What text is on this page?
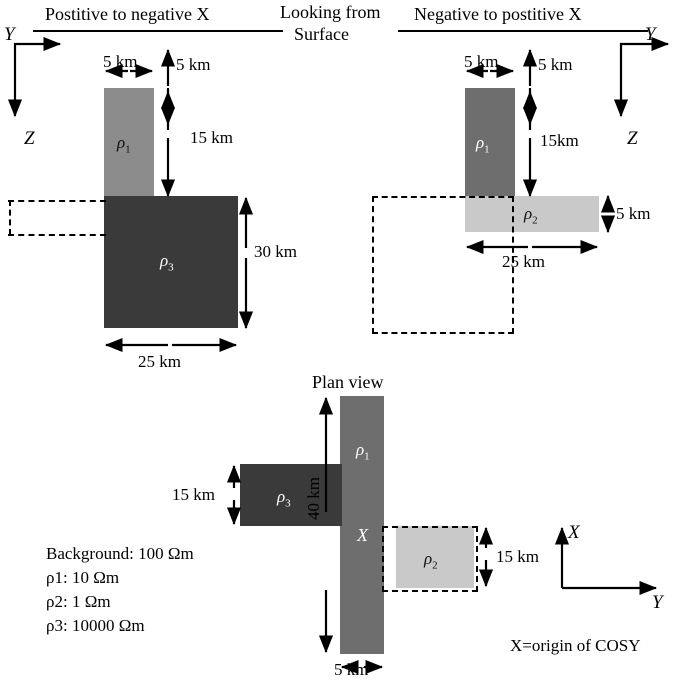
Postitive to negative X	Looking from
Surface
Negative to postitive X
$\rho_1$
$\rho_3$
$\rho_1$
$\rho_2$
Plan view
$\rho_1$
$\rho_3$
$\rho_2$
X
Y
Z
5 km 5 km
15 km
30 km
25 km
Y
Z
5 km 5 km
15km
5 km
25 km
15 km	40 km
5 km
15 km
X
Y
X=origin of COSY
Background: 100 Ωm
ρ1: 10 Ωm
ρ2: 1 Ωm
ρ3: 10000 Ωm
